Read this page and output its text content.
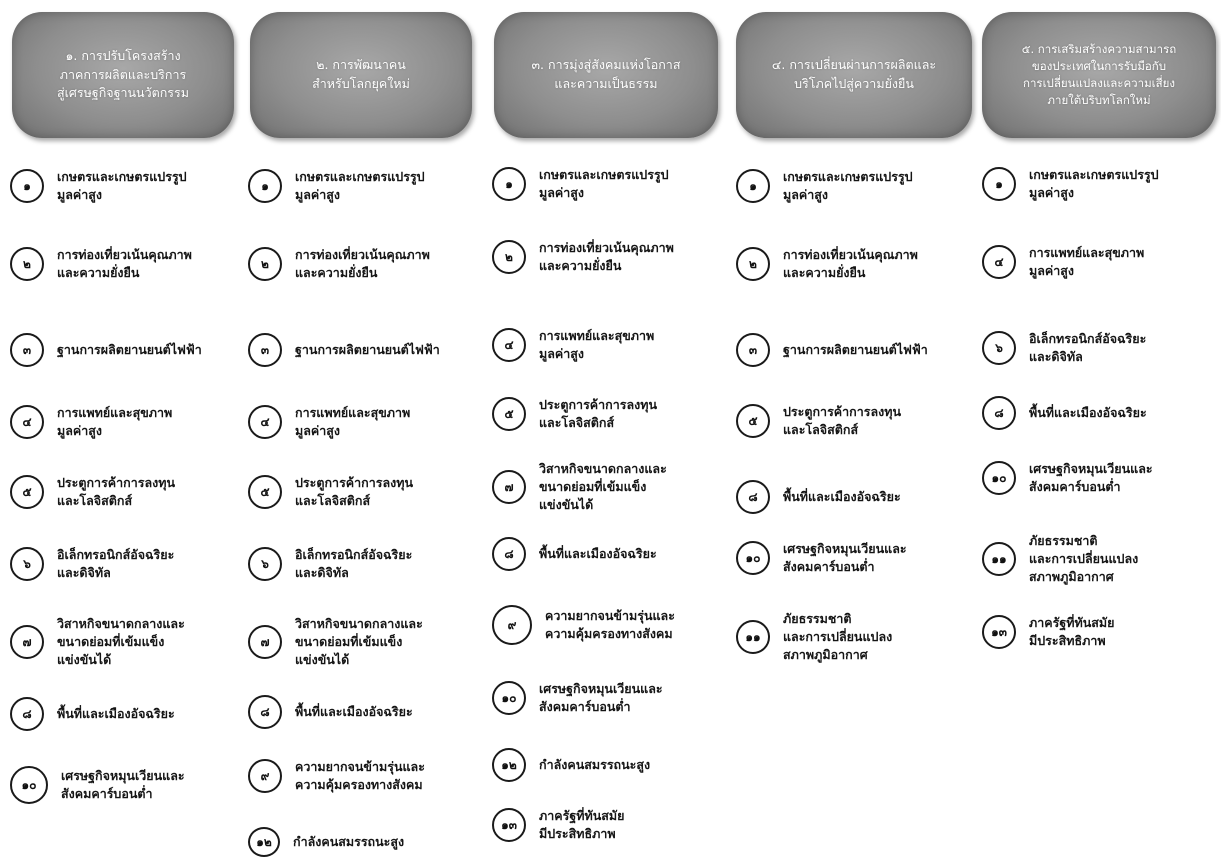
๑. การปรับโครงสร้าง
ภาคการผลิตและบริการ
สู่เศรษฐกิจฐานนวัตกรรม
๑
เกษตรและเกษตรแปรรูป
มูลค่าสูง
๒
การท่องเที่ยวเน้นคุณภาพ
และความยั่งยืน
๓	ฐานการผลิตยานยนต์ไฟฟ้า
๔
การแพทย์และสุขภาพ
มูลค่าสูง
๕
ประตูการค้าการลงทุน
และโลจิสติกส์
๖
อิเล็กทรอนิกส์อัจฉริยะ
และดิจิทัล
๗
วิสาหกิจขนาดกลางและ
ขนาดย่อมที่เข้มแข็ง
แข่งขันได้
๘	พื้นที่และเมืองอัจฉริยะ
๑๐
เศรษฐกิจหมุนเวียนและ
สังคมคาร์บอนต่ำ
๒. การพัฒนาคน
สำหรับโลกยุคใหม่
๑
เกษตรและเกษตรแปรรูป
มูลค่าสูง
๒
การท่องเที่ยวเน้นคุณภาพ
และความยั่งยืน
๓	ฐานการผลิตยานยนต์ไฟฟ้า
๔
การแพทย์และสุขภาพ
มูลค่าสูง
๕
ประตูการค้าการลงทุน
และโลจิสติกส์
๖
อิเล็กทรอนิกส์อัจฉริยะ
และดิจิทัล
๗
วิสาหกิจขนาดกลางและ
ขนาดย่อมที่เข้มแข็ง
แข่งขันได้
๘	พื้นที่และเมืองอัจฉริยะ
๙
ความยากจนข้ามรุ่นและ
ความคุ้มครองทางสังคม
๑๒	กำลังคนสมรรถนะสูง
๓. การมุ่งสู่สังคมแห่งโอกาส
และความเป็นธรรม
๑
เกษตรและเกษตรแปรรูป
มูลค่าสูง
๒
การท่องเที่ยวเน้นคุณภาพ
และความยั่งยืน
๔
การแพทย์และสุขภาพ
มูลค่าสูง
๕
ประตูการค้าการลงทุน
และโลจิสติกส์
๗
วิสาหกิจขนาดกลางและ
ขนาดย่อมที่เข้มแข็ง
แข่งขันได้
๘	พื้นที่และเมืองอัจฉริยะ
๙
ความยากจนข้ามรุ่นและ
ความคุ้มครองทางสังคม
๑๐
เศรษฐกิจหมุนเวียนและ
สังคมคาร์บอนต่ำ
๑๒	กำลังคนสมรรถนะสูง
๑๓
ภาครัฐที่ทันสมัย
มีประสิทธิภาพ
๔. การเปลี่ยนผ่านการผลิตและ
บริโภคไปสู่ความยั่งยืน
๑
เกษตรและเกษตรแปรรูป
มูลค่าสูง
๒
การท่องเที่ยวเน้นคุณภาพ
และความยั่งยืน
๓	ฐานการผลิตยานยนต์ไฟฟ้า
๕
ประตูการค้าการลงทุน
และโลจิสติกส์
๘	พื้นที่และเมืองอัจฉริยะ
๑๐
เศรษฐกิจหมุนเวียนและ
สังคมคาร์บอนต่ำ
๑๑
ภัยธรรมชาติ
และการเปลี่ยนแปลง
สภาพภูมิอากาศ
๕. การเสริมสร้างความสามารถ
ของประเทศในการรับมือกับ
การเปลี่ยนแปลงและความเสี่ยง
ภายใต้บริบทโลกใหม่
๑
เกษตรและเกษตรแปรรูป
มูลค่าสูง
๔
การแพทย์และสุขภาพ
มูลค่าสูง
๖
อิเล็กทรอนิกส์อัจฉริยะ
และดิจิทัล
๘	พื้นที่และเมืองอัจฉริยะ
๑๐
เศรษฐกิจหมุนเวียนและ
สังคมคาร์บอนต่ำ
๑๑
ภัยธรรมชาติ
และการเปลี่ยนแปลง
สภาพภูมิอากาศ
๑๓
ภาครัฐที่ทันสมัย
มีประสิทธิภาพ
